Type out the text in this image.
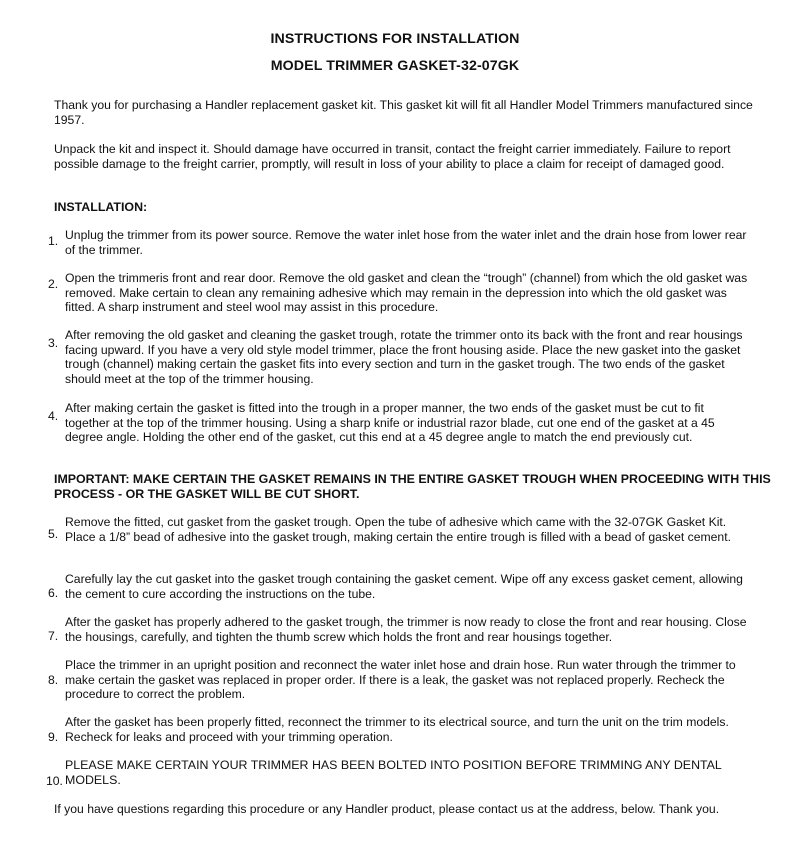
INSTRUCTIONS FOR INSTALLATION
MODEL TRIMMER GASKET-32-07GK

Thank you for purchasing a Handler replacement gasket kit. This gasket kit will fit all Handler Model Trimmers manufactured since 1957.

Unpack the kit and inspect it. Should damage have occurred in transit, contact the freight carrier immediately. Failure to report possible damage to the freight carrier, promptly, will result in loss of your ability to place a claim for receipt of damaged good.

INSTALLATION:

1. Unplug the trimmer from its power source. Remove the water inlet hose from the water inlet and the drain hose from lower rear of the trimmer.

2. Open the trimmeris front and rear door. Remove the old gasket and clean the “trough” (channel) from which the old gasket was removed. Make certain to clean any remaining adhesive which may remain in the depression into which the old gasket was fitted. A sharp instrument and steel wool may assist in this procedure.

3.

After removing the old gasket and cleaning the gasket trough, rotate the trimmer onto its back with the front and rear housings facing upward. If you have a very old style model trimmer, place the front housing aside. Place the new gasket into the gasket trough (channel) making certain the gasket fits into every section and turn in the gasket trough. The two ends of the gasket should meet at the top of the trimmer housing.

4.

After making certain the gasket is fitted into the trough in a proper manner, the two ends of the gasket must be cut to fit together at the top of the trimmer housing. Using a sharp knife or industrial razor blade, cut one end of the gasket at a 45 degree angle. Holding the other end of the gasket, cut this end at a 45 degree angle to match the end previously cut.

IMPORTANT: MAKE CERTAIN THE GASKET REMAINS IN THE ENTIRE GASKET TROUGH WHEN PROCEEDING WITH THIS PROCESS - OR THE GASKET WILL BE CUT SHORT.

5.

Remove the fitted, cut gasket from the gasket trough. Open the tube of adhesive which came with the 32-07GK Gasket Kit. Place a 1/8” bead of adhesive into the gasket trough, making certain the entire trough is filled with a bead of gasket cement.

6.

Carefully lay the cut gasket into the gasket trough containing the gasket cement. Wipe off any excess gasket cement, allowing the cement to cure according the instructions on the tube.

7.

After the gasket has properly adhered to the gasket trough, the trimmer is now ready to close the front and rear housing. Close the housings, carefully, and tighten the thumb screw which holds the front and rear housings together.

8.

Place the trimmer in an upright position and reconnect the water inlet hose and drain hose. Run water through the trimmer to make certain the gasket was replaced in proper order. If there is a leak, the gasket was not replaced properly. Recheck the procedure to correct the problem.

9.

After the gasket has been properly fitted, reconnect the trimmer to its electrical source, and turn the unit on the trim models. Recheck for leaks and proceed with your trimming operation.

10.

PLEASE MAKE CERTAIN YOUR TRIMMER HAS BEEN BOLTED INTO POSITION BEFORE TRIMMING ANY DENTAL MODELS.

If you have questions regarding this procedure or any Handler product, please contact us at the address, below. Thank you.
